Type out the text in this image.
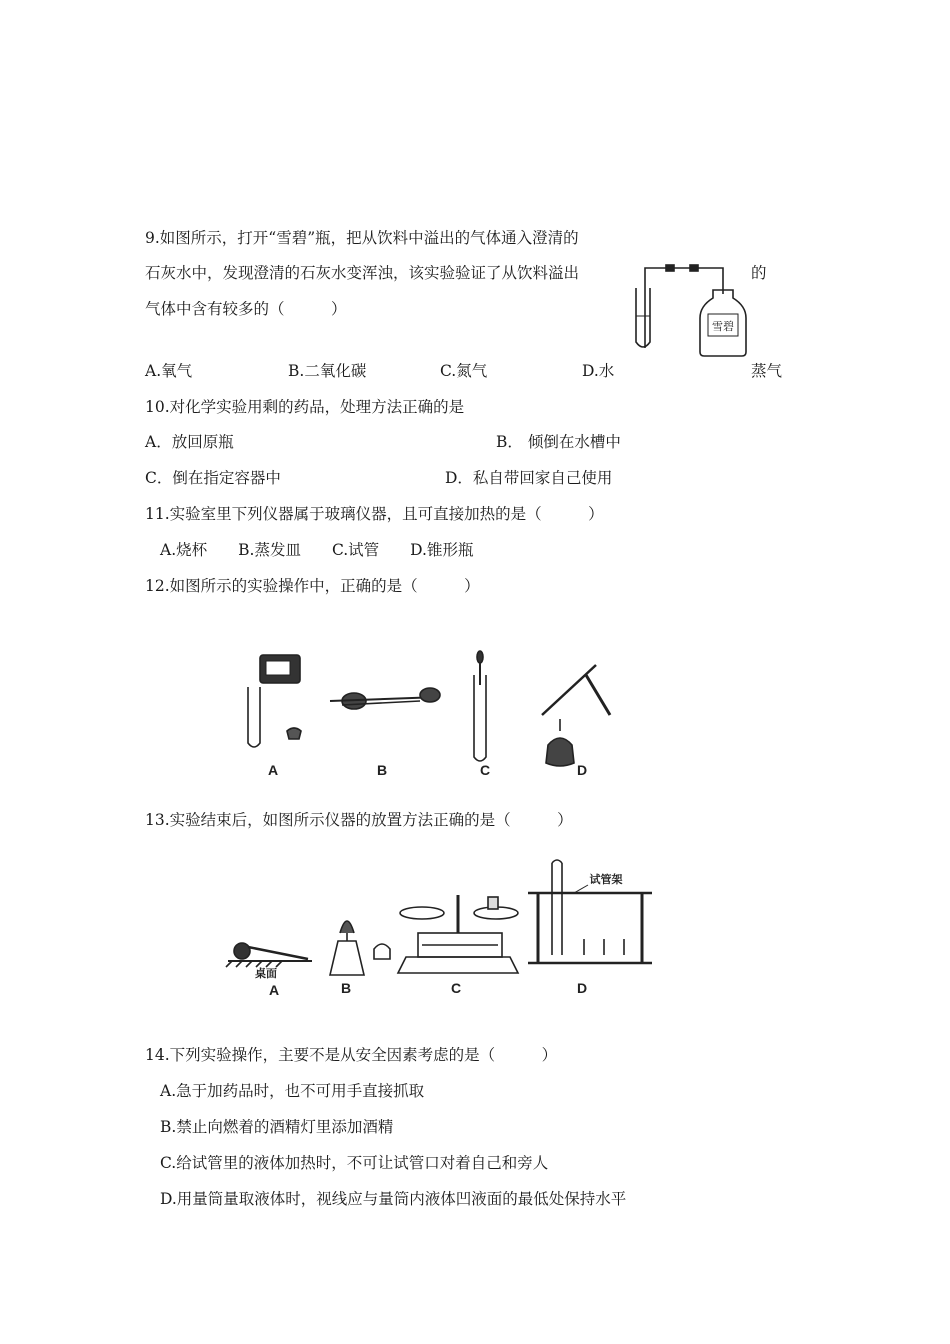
9.如图所示，打开“雪碧”瓶，把从饮料中溢出的气体通入澄清的
石灰水中，发现澄清的石灰水变浑浊，该实验验证了从饮料溢出	的
气体中含有较多的（　　　）
雪碧
A.氧气	B.二氧化碳	C.氮气	D.水	蒸气
10.对化学实验用剩的药品，处理方法正确的是
A．放回原瓶	B． 倾倒在水槽中
C．倒在指定容器中	D．私自带回家自己使用
11.实验室里下列仪器属于玻璃仪器，且可直接加热的是（　　　）
A.烧杯　　B.蒸发皿　　C.试管　　D.锥形瓶
12.如图所示的实验操作中，正确的是（　　　）
A	B	C	D
13.实验结束后，如图所示仪器的放置方法正确的是（　　　）
桌面
试管架
A	B	C	D
14.下列实验操作，主要不是从安全因素考虑的是（　　　）
A.急于加药品时，也不可用手直接抓取
B.禁止向燃着的酒精灯里添加酒精
C.给试管里的液体加热时，不可让试管口对着自己和旁人
D.用量筒量取液体时，视线应与量筒内液体凹液面的最低处保持水平
